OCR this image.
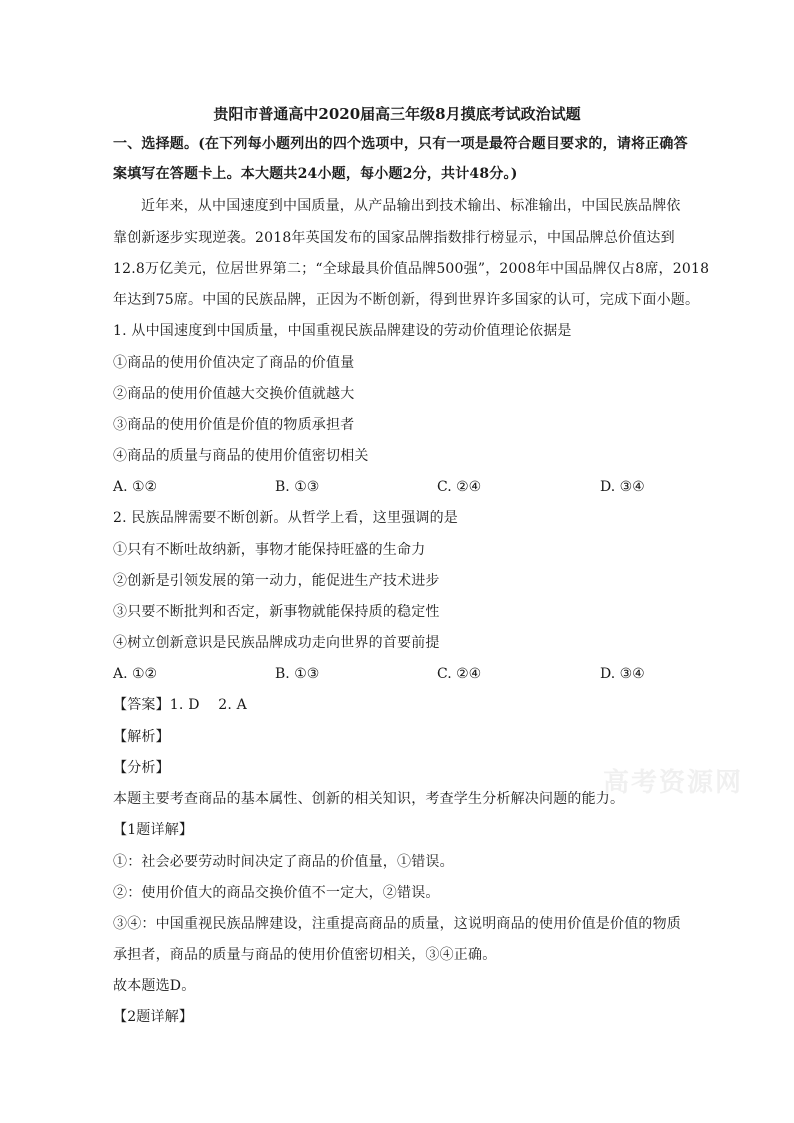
贵阳市普通高中2020届高三年级8月摸底考试政治试题
一、选择题。(在下列每小题列出的四个选项中，只有一项是最符合题目要求的，请将正确答
案填写在答题卡上。本大题共24小题，每小题2分，共计48分。)
近年来，从中国速度到中国质量，从产品输出到技术输出、标准输出，中国民族品牌依
靠创新逐步实现逆袭。2018年英国发布的国家品牌指数排行榜显示，中国品牌总价值达到
12.8万亿美元，位居世界第二；“全球最具价值品牌500强”，2008年中国品牌仅占8席，2018
年达到75席。中国的民族品牌，正因为不断创新，得到世界许多国家的认可，完成下面小题。
1. 从中国速度到中国质量，中国重视民族品牌建设的劳动价值理论依据是
①商品的使用价值决定了商品的价值量
②商品的使用价值越大交换价值就越大
③商品的使用价值是价值的物质承担者
④商品的质量与商品的使用价值密切相关
A. ①②	B. ①③	C. ②④	D. ③④
2. 民族品牌需要不断创新。从哲学上看，这里强调的是
①只有不断吐故纳新，事物才能保持旺盛的生命力
②创新是引领发展的第一动力，能促进生产技术进步
③只要不断批判和否定，新事物就能保持质的稳定性
④树立创新意识是民族品牌成功走向世界的首要前提
A. ①②	B. ①③	C. ②④	D. ③④
【答案】1. D    2. A
【解析】
【分析】
本题主要考查商品的基本属性、创新的相关知识，考查学生分析解决问题的能力。
【1题详解】
①：社会必要劳动时间决定了商品的价值量，①错误。
②：使用价值大的商品交换价值不一定大，②错误。
③④：中国重视民族品牌建设，注重提高商品的质量，这说明商品的使用价值是价值的物质
承担者，商品的质量与商品的使用价值密切相关，③④正确。
故本题选D。
【2题详解】
高考资源网
